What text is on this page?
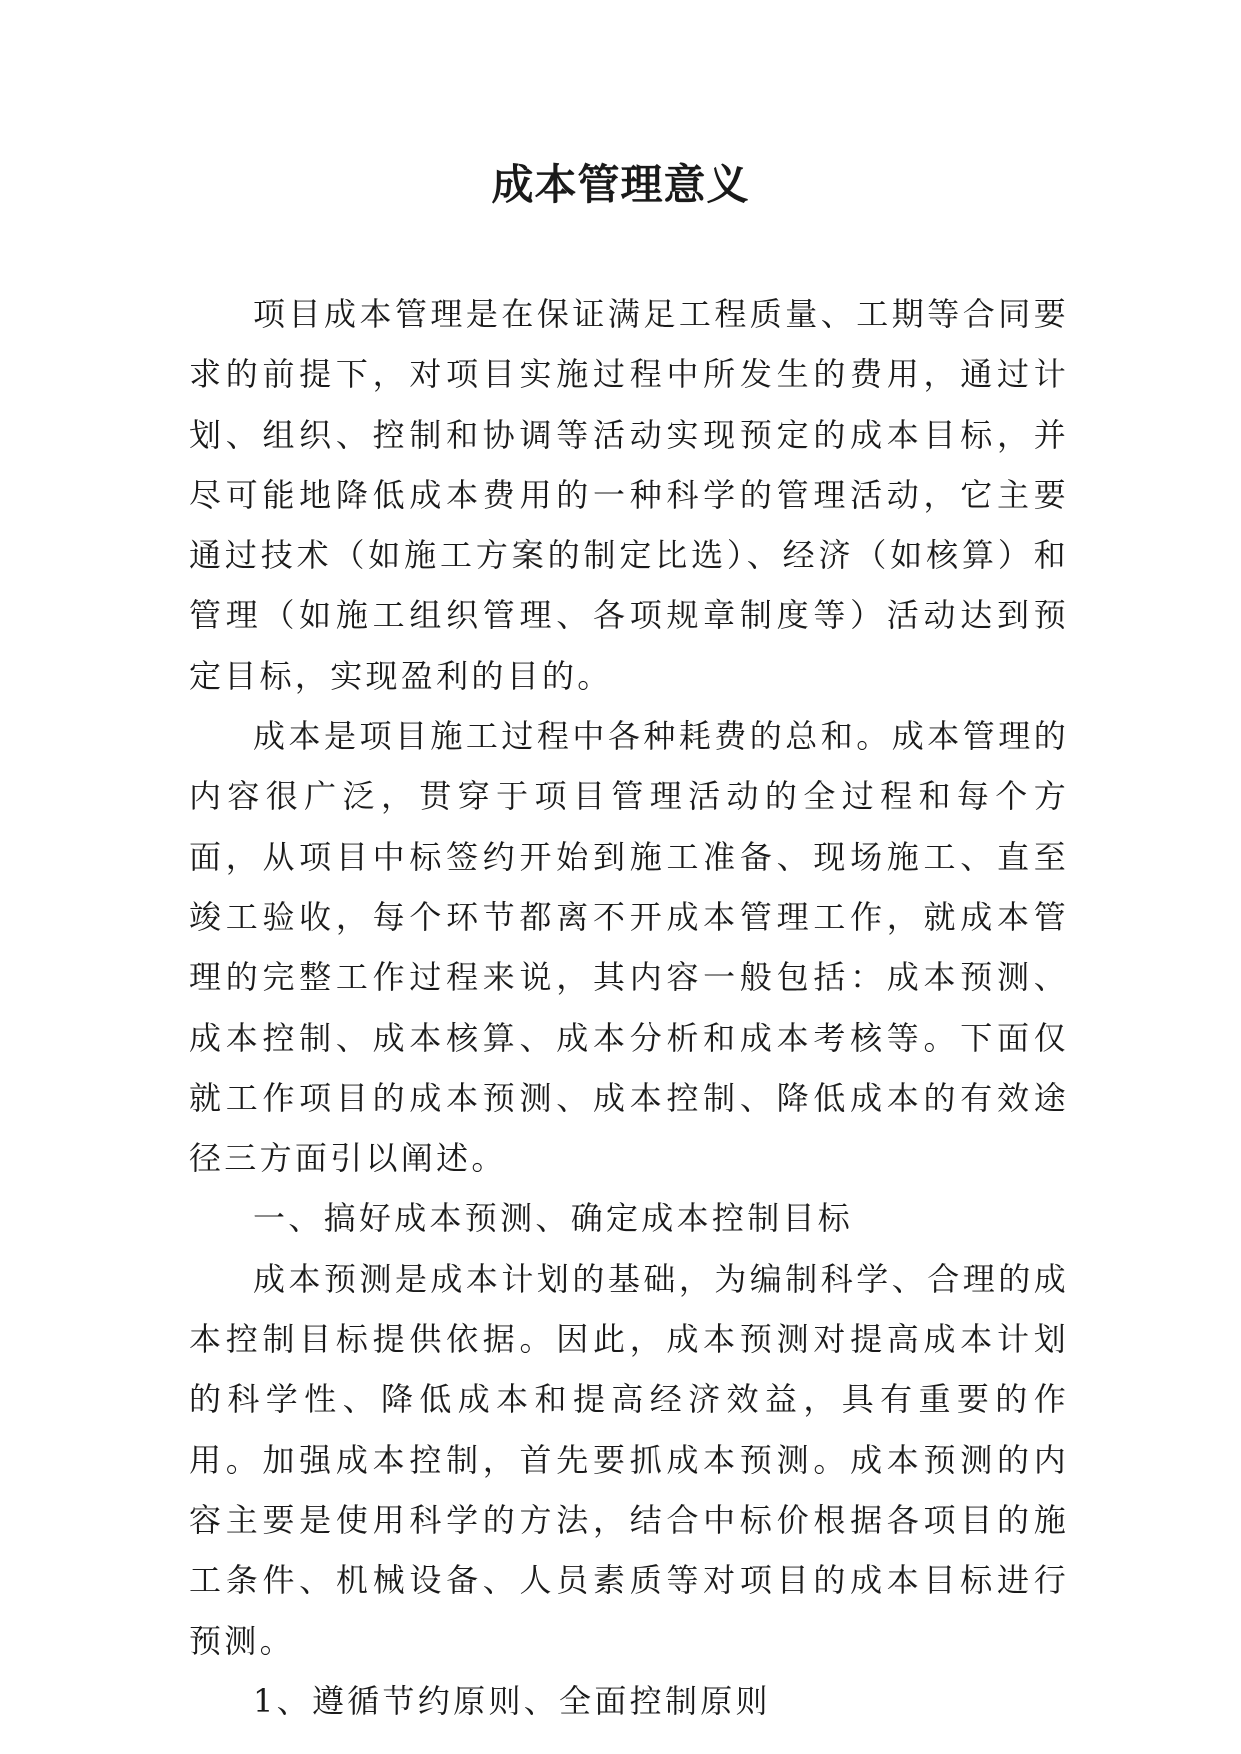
成本管理意义

项目成本管理是在保证满足工程质量、工期等合同要求的前提下，对项目实施过程中所发生的费用，通过计划、组织、控制和协调等活动实现预定的成本目标，并尽可能地降低成本费用的一种科学的管理活动，它主要通过技术（如施工方案的制定比选）、经济（如核算）和管理（如施工组织管理、各项规章制度等）活动达到预定目标，实现盈利的目的。

成本是项目施工过程中各种耗费的总和。成本管理的内容很广泛，贯穿于项目管理活动的全过程和每个方面，从项目中标签约开始到施工准备、现场施工、直至竣工验收，每个环节都离不开成本管理工作，就成本管理的完整工作过程来说，其内容一般包括：成本预测、成本控制、成本核算、成本分析和成本考核等。下面仅就工作项目的成本预测、成本控制、降低成本的有效途径三方面引以阐述。

一、搞好成本预测、确定成本控制目标

成本预测是成本计划的基础，为编制科学、合理的成本控制目标提供依据。因此，成本预测对提高成本计划的科学性、降低成本和提高经济效益，具有重要的作用。加强成本控制，首先要抓成本预测。成本预测的内容主要是使用科学的方法，结合中标价根据各项目的施工条件、机械设备、人员素质等对项目的成本目标进行预测。

1、遵循节约原则、全面控制原则
